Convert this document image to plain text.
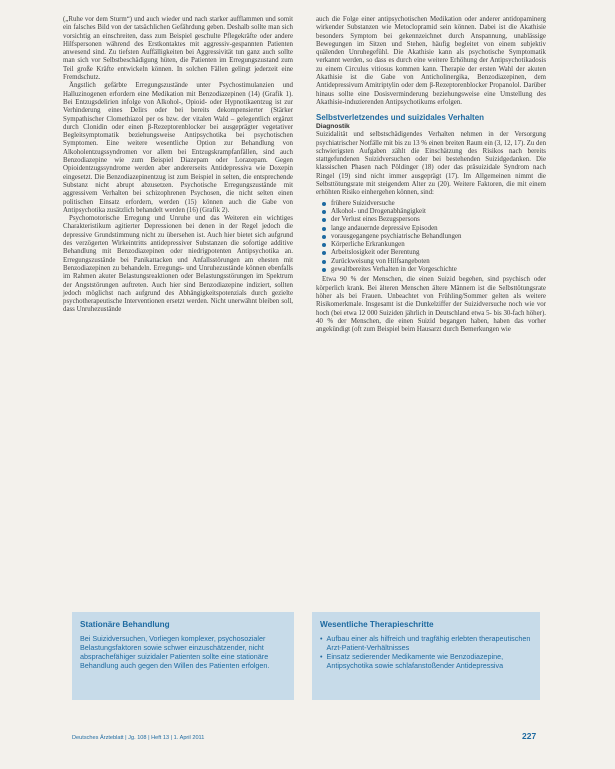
(„Ruhe vor dem Sturm“) und auch wieder und nach starker aufflammen und somit ein falsches Bild von der tatsächlichen Gefährdung geben. Deshalb sollte man sich vorsichtig an einschreiten, dass zum Beispiel geschulte Pflegekräfte oder andere Hilfspersonen während des Erstkontaktes mit aggressiv-gespannten Patienten anwesend sind. Zu tiefsten Auffälligkeiten bei Aggressivität tun ganz auch sollte man sich vor Selbstbeschädigung hüten, die Patienten im Erregungszustand zum Teil große Kräfte entwickeln können. In solchen Fällen gelingt jederzeit eine Fremdschutz.

Ängstlich gefärbte Erregungszustände unter Psychostimulanzien und Halluzinogenen erfordern eine Medikation mit Benzodiazepinen (14) (Grafik 1). Bei Entzugsdelirien infolge von Alkohol-, Opioid- oder Hypnotikaentzug ist zur Verhinderung eines Delirs oder bei bereits dekompensierter (Stärker Sympathischer Clomethiazol per os bzw. der vitalen Wald – gelegentlich ergänzt durch Clonidin oder einen β-Rezeptorenblocker bei ausgeprägter vegetativer Begleitsymptomatik beziehungsweise Antipsychotika bei psychotischen Symptomen. Eine weitere wesentliche Option zur Behandlung von Alkoholentzugssyndromen vor allem bei Entzugskrampfanfällen, sind auch Benzodiazepine wie zum Beispiel Diazepam oder Lorazepam. Gegen Opioidentzugssyndrome werden aber andererseits Antidepressiva wie Doxepin eingesetzt. Die Benzodiazepinentzug ist zum Beispiel in selten, die entsprechende Substanz nicht abrupt abzusetzen. Psychotische Erregungszustände mit aggressivem Verhalten bei schizophrenen Psychosen, die nicht selten einen politischen Einsatz erfordern, werden (15) können auch die Gabe von Antipsychotika zusätzlich behandelt werden (16) (Grafik 2).

Psychomotorische Erregung und Unruhe und das Weiteren ein wichtiges Charakteristikum agitierter Depressionen bei denen in der Regel jedoch die depressive Grundstimmung nicht zu übersehen ist. Auch hier bietet sich aufgrund des verzögerten Wirkeintritts antidepressiver Substanzen die sofortige additive Behandlung mit Benzodiazepinen oder niedrigpotenten Antipsychotika an. Erregungszustände bei Panikattacken und Anfallsstörungen am ehesten mit Benzodiazepinen zu behandeln. Erregungs- und Unruhezustände können ebenfalls im Rahmen akuter Belastungsreaktionen oder Belastungsstörungen im Spektrum der Angststörungen auftreten. Auch hier sind Benzodiazepine indiziert, sollten jedoch möglichst nach aufgrund des Abhängigkeitspotenzials durch gezielte psychotherapeutische Interventionen ersetzt werden. Nicht unerwähnt bleiben soll, dass Unruhezustände

auch die Folge einer antipsychotischen Medikation oder anderer antidopaminerg wirkender Substanzen wie Metoclopramid sein können. Dabei ist die Akathisie besonders Symptom bei gekennzeichnet durch Anspannung, unablässige Bewegungen im Sitzen und Stehen, häufig begleitet von einem subjektiv quälenden Unruhegefühl. Die Akathisie kann als psychotische Symptomatik verkannt werden, so dass es durch eine weitere Erhöhung der Antipsychotikadosis zu einem Circulus vitiosus kommen kann. Therapie der ersten Wahl der akuten Akathisie ist die Gabe von Anticholinergika, Benzodiazepinen, dem Antidepressivum Amitriptylin oder dem β-Rezeptorenblocker Propanolol. Darüber hinaus sollte eine Dosisverminderung beziehungsweise eine Umstellung des Akathisie-induzierenden Antipsychotikums erfolgen.

Selbstverletzendes und suizidales Verhalten
Diagnostik

Suizidalität und selbstschädigendes Verhalten nehmen in der Versorgung psychiatrischer Notfälle mit bis zu 13 % einen breiten Raum ein (3, 12, 17). Zu den schwierigsten Aufgaben zählt die Einschätzung des Risikos nach bereits stattgefundenen Suizidversuchen oder bei bestehenden Suizidgedanken. Die klassischen Phasen nach Pöldinger (18) oder das präsuizidale Syndrom nach Ringel (19) sind nicht immer ausgeprägt (17). Im Allgemeinen nimmt die Selbsttötungsrate mit steigendem Alter zu (20). Weitere Faktoren, die mit einem erhöhten Risiko einhergehen können, sind:

frühere Suizidversuche
Alkohol- und Drogenabhängigkeit
der Verlust eines Bezugspersons
lange andauernde depressive Episoden
vorausgegangene psychiatrische Behandlungen
Körperliche Erkrankungen
Arbeitslosigkeit oder Berentung
Zurückweisung von Hilfsangeboten
gewaltbereites Verhalten in der Vorgeschichte

Etwa 90 % der Menschen, die einen Suizid begehen, sind psychisch oder körperlich krank. Bei älteren Menschen ältere Männern ist die Selbsttötungsrate höher als bei Frauen. Unbeachtet von Frühling/Sommer gelten als weitere Risikomerkmale. Insgesamt ist die Dunkelziffer der Suizidversuche noch wie vor hoch (bei etwa 12 000 Suiziden jährlich in Deutschland etwa 5- bis 30-fach höher). 40 % der Menschen, die einen Suizid begangen haben, haben das vorher angekündigt (oft zum Beispiel beim Hausarzt durch Bemerkungen wie

Stationäre Behandlung
Bei Suizidversuchen, Vorliegen komplexer, psychosozialer Belastungsfaktoren sowie schwer einzuschätzender, nicht absprachefähiger suizidaler Patienten sollte eine stationäre Behandlung auch gegen den Willen des Patienten erfolgen.
Wesentliche Therapieschritte
• Aufbau einer als hilfreich und tragfähig erlebten therapeutischen Arzt-Patient-Verhältnisses
• Einsatz sedierender Medikamente wie Benzodiazepine, Antipsychotika sowie schlafanstoßender Antidepressiva
Deutsches Ärzteblatt | Jg. 108 | Heft 13 | 1. April 2011	227
